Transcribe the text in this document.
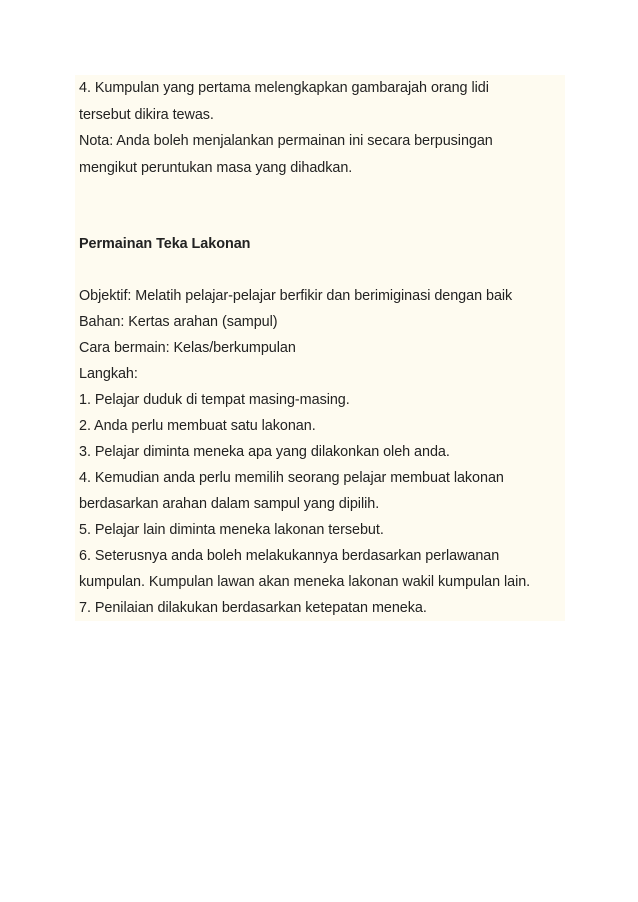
4. Kumpulan yang pertama melengkapkan gambarajah orang lidi
tersebut dikira tewas.
Nota: Anda boleh menjalankan permainan ini secara berpusingan
mengikut peruntukan masa yang dihadkan.
Permainan Teka Lakonan
Objektif: Melatih pelajar-pelajar berfikir dan berimiginasi dengan baik
Bahan: Kertas arahan (sampul)
Cara bermain: Kelas/berkumpulan
Langkah:
1. Pelajar duduk di tempat masing-masing.
2. Anda perlu membuat satu lakonan.
3. Pelajar diminta meneka apa yang dilakonkan oleh anda.
4. Kemudian anda perlu memilih seorang pelajar membuat lakonan
berdasarkan arahan dalam sampul yang dipilih.
5. Pelajar lain diminta meneka lakonan tersebut.
6. Seterusnya anda boleh melakukannya berdasarkan perlawanan
kumpulan. Kumpulan lawan akan meneka lakonan wakil kumpulan lain.
7. Penilaian dilakukan berdasarkan ketepatan meneka.
